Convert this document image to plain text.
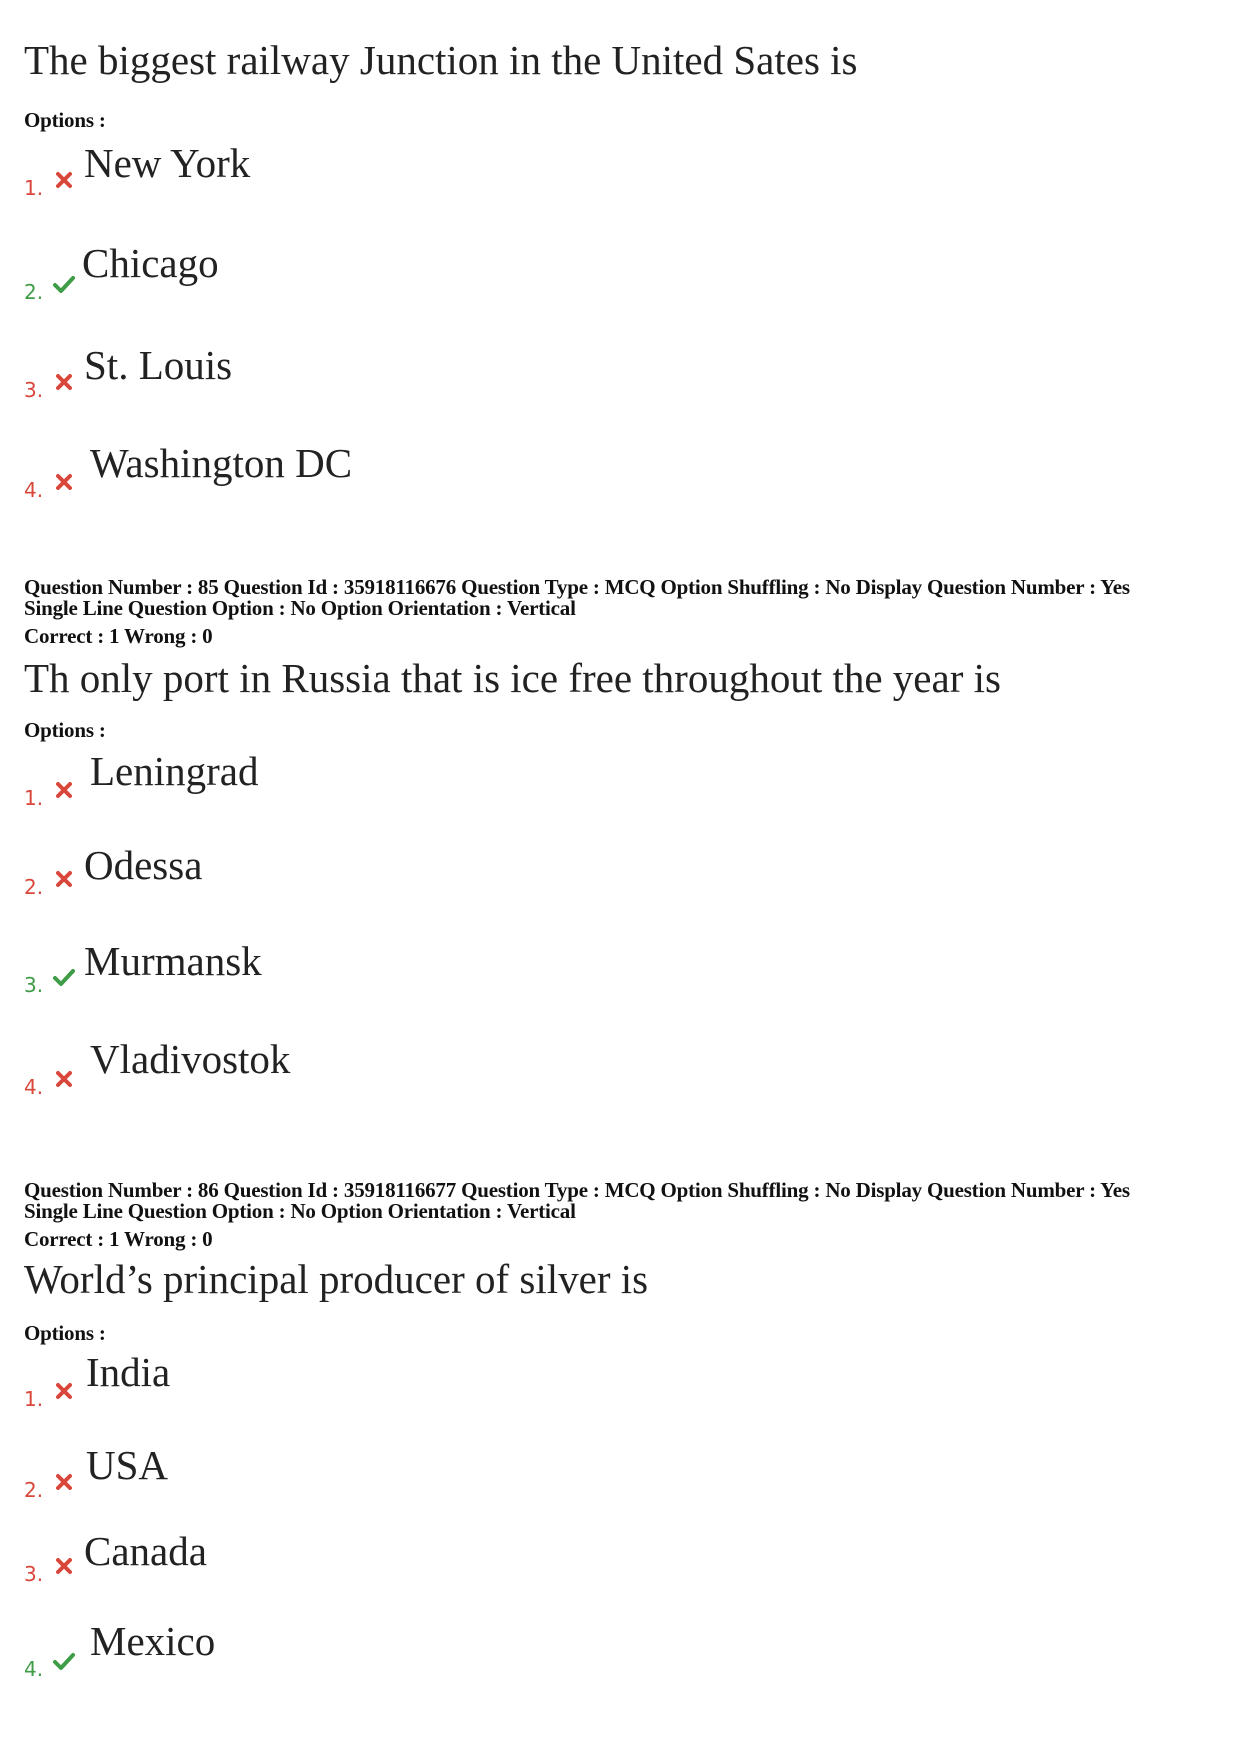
The biggest railway Junction in the United Sates is
Options :
1.
New York
2.
Chicago
3.
St. Louis
4.
Washington DC
Question Number : 85 Question Id : 35918116676 Question Type : MCQ Option Shuffling : No Display Question Number : Yes
Single Line Question Option : No Option Orientation : Vertical
Correct : 1 Wrong : 0
Th only port in Russia that is ice free throughout the year is
Options :
1.
Leningrad
2. Odessa
3.
Murmansk
4.
Vladivostok
Question Number : 86 Question Id : 35918116677 Question Type : MCQ Option Shuffling : No Display Question Number : Yes
Single Line Question Option : No Option Orientation : Vertical
Correct : 1 Wrong : 0
World’s principal producer of silver is
Options :
1.
India
2.
USA
3. Canada
4.
Mexico
